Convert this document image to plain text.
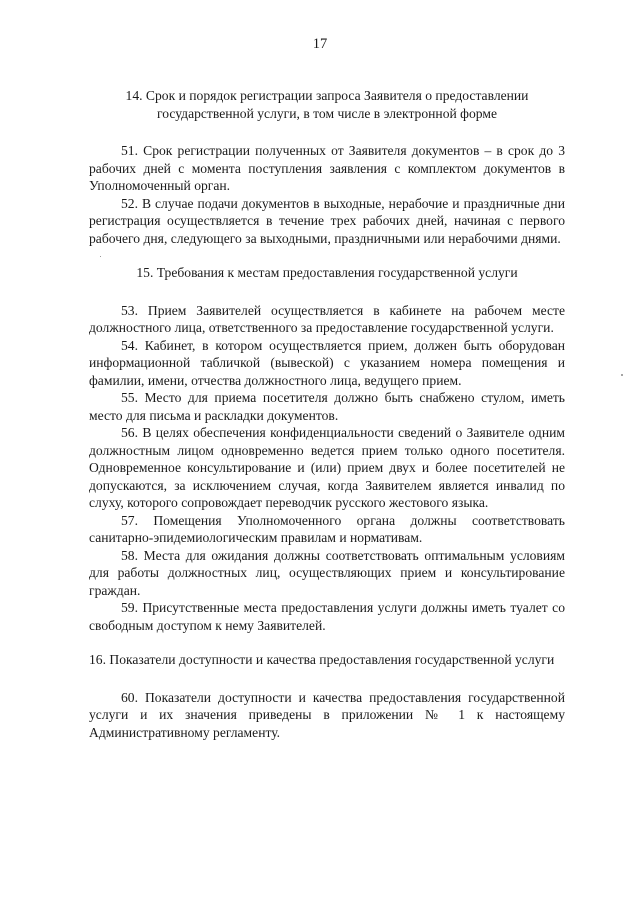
17

14. Срок и порядок регистрации запроса Заявителя о предоставлении государственной услуги, в том числе в электронной форме

51. Срок регистрации полученных от Заявителя документов – в срок до 3 рабочих дней с момента поступления заявления с комплектом документов в Уполномоченный орган.

52. В случае подачи документов в выходные, нерабочие и праздничные дни регистрация осуществляется в течение трех рабочих дней, начиная с первого рабочего дня, следующего за выходными, праздничными или нерабочими днями.

15. Требования к местам предоставления государственной услуги

53. Прием Заявителей осуществляется в кабинете на рабочем месте должностного лица, ответственного за предоставление государственной услуги.

54. Кабинет, в котором осуществляется прием, должен быть оборудован информационной табличкой (вывеской) с указанием номера помещения и фамилии, имени, отчества должностного лица, ведущего прием.

55. Место для приема посетителя должно быть снабжено стулом, иметь место для письма и раскладки документов.

56. В целях обеспечения конфиденциальности сведений о Заявителе одним должностным лицом одновременно ведется прием только одного посетителя. Одновременное консультирование и (или) прием двух и более посетителей не допускаются, за исключением случая, когда Заявителем является инвалид по слуху, которого сопровождает переводчик русского жестового языка.

57. Помещения Уполномоченного органа должны соответствовать санитарно-эпидемиологическим правилам и нормативам.

58. Места для ожидания должны соответствовать оптимальным условиям для работы должностных лиц, осуществляющих прием и консультирование граждан.

59. Присутственные места предоставления услуги должны иметь туалет со свободным доступом к нему Заявителей.

16. Показатели доступности и качества предоставления государственной услуги

60. Показатели доступности и качества предоставления государственной услуги и их значения приведены в приложении № 1 к настоящему Административному регламенту.
